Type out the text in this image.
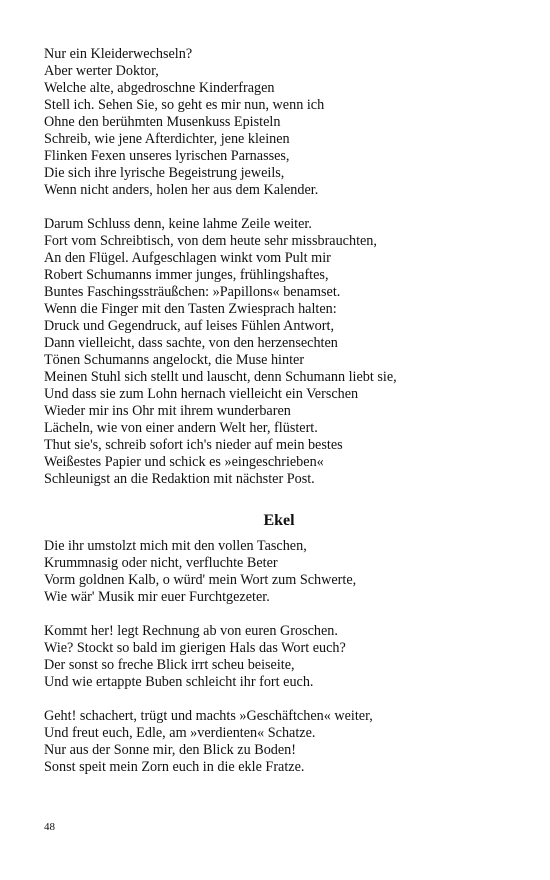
Nur ein Kleiderwechseln?
Aber werter Doktor,
Welche alte, abgedroschne Kinderfragen
Stell ich. Sehen Sie, so geht es mir nun, wenn ich
Ohne den berühmten Musenkuss Episteln
Schreib, wie jene Afterdichter, jene kleinen
Flinken Fexen unseres lyrischen Parnasses,
Die sich ihre lyrische Begeistrung jeweils,
Wenn nicht anders, holen her aus dem Kalender.
Darum Schluss denn, keine lahme Zeile weiter.
Fort vom Schreibtisch, von dem heute sehr missbrauchten,
An den Flügel. Aufgeschlagen winkt vom Pult mir
Robert Schumanns immer junges, frühlingshaftes,
Buntes Faschingssträußchen: »Papillons« benamset.
Wenn die Finger mit den Tasten Zwiesprach halten:
Druck und Gegendruck, auf leises Fühlen Antwort,
Dann vielleicht, dass sachte, von den herzensechten
Tönen Schumanns angelockt, die Muse hinter
Meinen Stuhl sich stellt und lauscht, denn Schumann liebt sie,
Und dass sie zum Lohn hernach vielleicht ein Verschen
Wieder mir ins Ohr mit ihrem wunderbaren
Lächeln, wie von einer andern Welt her, flüstert.
Thut sie's, schreib sofort ich's nieder auf mein bestes
Weißestes Papier und schick es »eingeschrieben«
Schleunigst an die Redaktion mit nächster Post.
Ekel
Die ihr umstolzt mich mit den vollen Taschen,
Krummnasig oder nicht, verfluchte Beter
Vorm goldnen Kalb, o würd' mein Wort zum Schwerte,
Wie wär' Musik mir euer Furchtgezeter.
Kommt her! legt Rechnung ab von euren Groschen.
Wie? Stockt so bald im gierigen Hals das Wort euch?
Der sonst so freche Blick irrt scheu beiseite,
Und wie ertappte Buben schleicht ihr fort euch.
Geht! schachert, trügt und machts »Geschäftchen« weiter,
Und freut euch, Edle, am »verdienten« Schatze.
Nur aus der Sonne mir, den Blick zu Boden!
Sonst speit mein Zorn euch in die ekle Fratze.
48
